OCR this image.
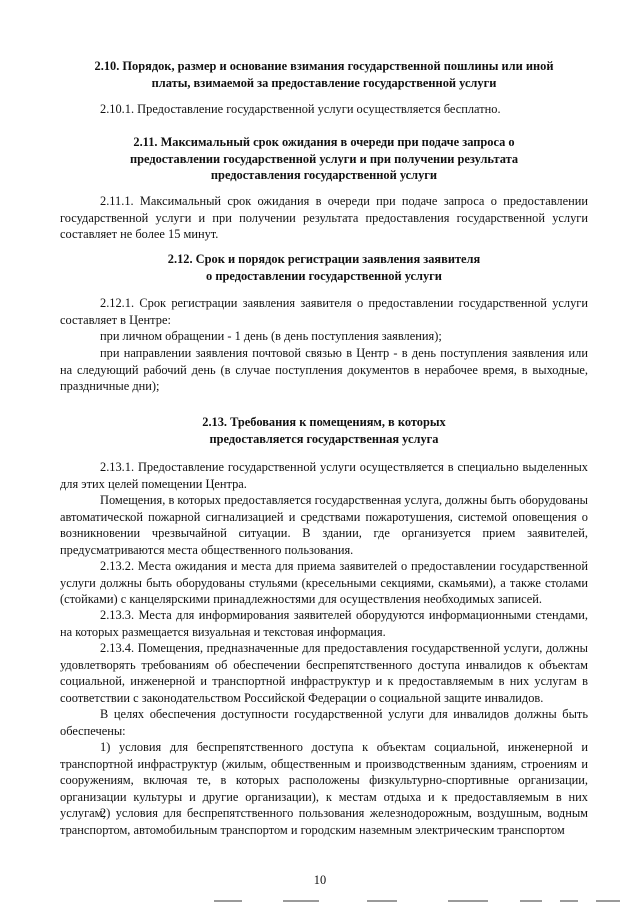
2.10. Порядок, размер и основание взимания государственной пошлины или иной
платы, взимаемой за предоставление государственной услуги

2.10.1. Предоставление государственной услуги осуществляется бесплатно.

2.11. Максимальный срок ожидания в очереди при подаче запроса о
предоставлении государственной услуги и при получении результата
предоставления государственной услуги

2.11.1. Максимальный срок ожидания в очереди при подаче запроса о предоставлении государственной услуги и при получении результата предоставления государственной услуги составляет не более 15 минут.

2.12. Срок и порядок регистрации заявления заявителя
о предоставлении государственной услуги

2.12.1. Срок регистрации заявления заявителя о предоставлении государственной услуги составляет в Центре:

при личном обращении - 1 день (в день поступления заявления);

при направлении заявления почтовой связью в Центр - в день поступления заявления или на следующий рабочий день (в случае поступления документов в нерабочее время, в выходные, праздничные дни);

2.13. Требования к помещениям, в которых
предоставляется государственная услуга

2.13.1. Предоставление государственной услуги осуществляется в специально выделенных для этих целей помещении Центра.

Помещения, в которых предоставляется государственная услуга, должны быть оборудованы автоматической пожарной сигнализацией и средствами пожаротушения, системой оповещения о возникновении чрезвычайной ситуации. В здании, где организуется прием заявителей, предусматриваются места общественного пользования.

2.13.2. Места ожидания и места для приема заявителей о предоставлении государственной услуги должны быть оборудованы стульями (кресельными секциями, скамьями), а также столами (стойками) с канцелярскими принадлежностями для осуществления необходимых записей.

2.13.3. Места для информирования заявителей оборудуются информационными стендами, на которых размещается визуальная и текстовая информация.

2.13.4. Помещения, предназначенные для предоставления государственной услуги, должны удовлетворять требованиям об обеспечении беспрепятственного доступа инвалидов к объектам социальной, инженерной и транспортной инфраструктур и к предоставляемым в них услугам в соответствии с законодательством Российской Федерации о социальной защите инвалидов.

В целях обеспечения доступности государственной услуги для инвалидов должны быть обеспечены:

1) условия для беспрепятственного доступа к объектам социальной, инженерной и транспортной инфраструктур (жилым, общественным и производственным зданиям, строениям и сооружениям, включая те, в которых расположены физкультурно-спортивные организации, организации культуры и другие организации), к местам отдыха и к предоставляемым в них услугам;

2) условия для беспрепятственного пользования железнодорожным, воздушным, водным транспортом, автомобильным транспортом и городским наземным электрическим транспортом

10
